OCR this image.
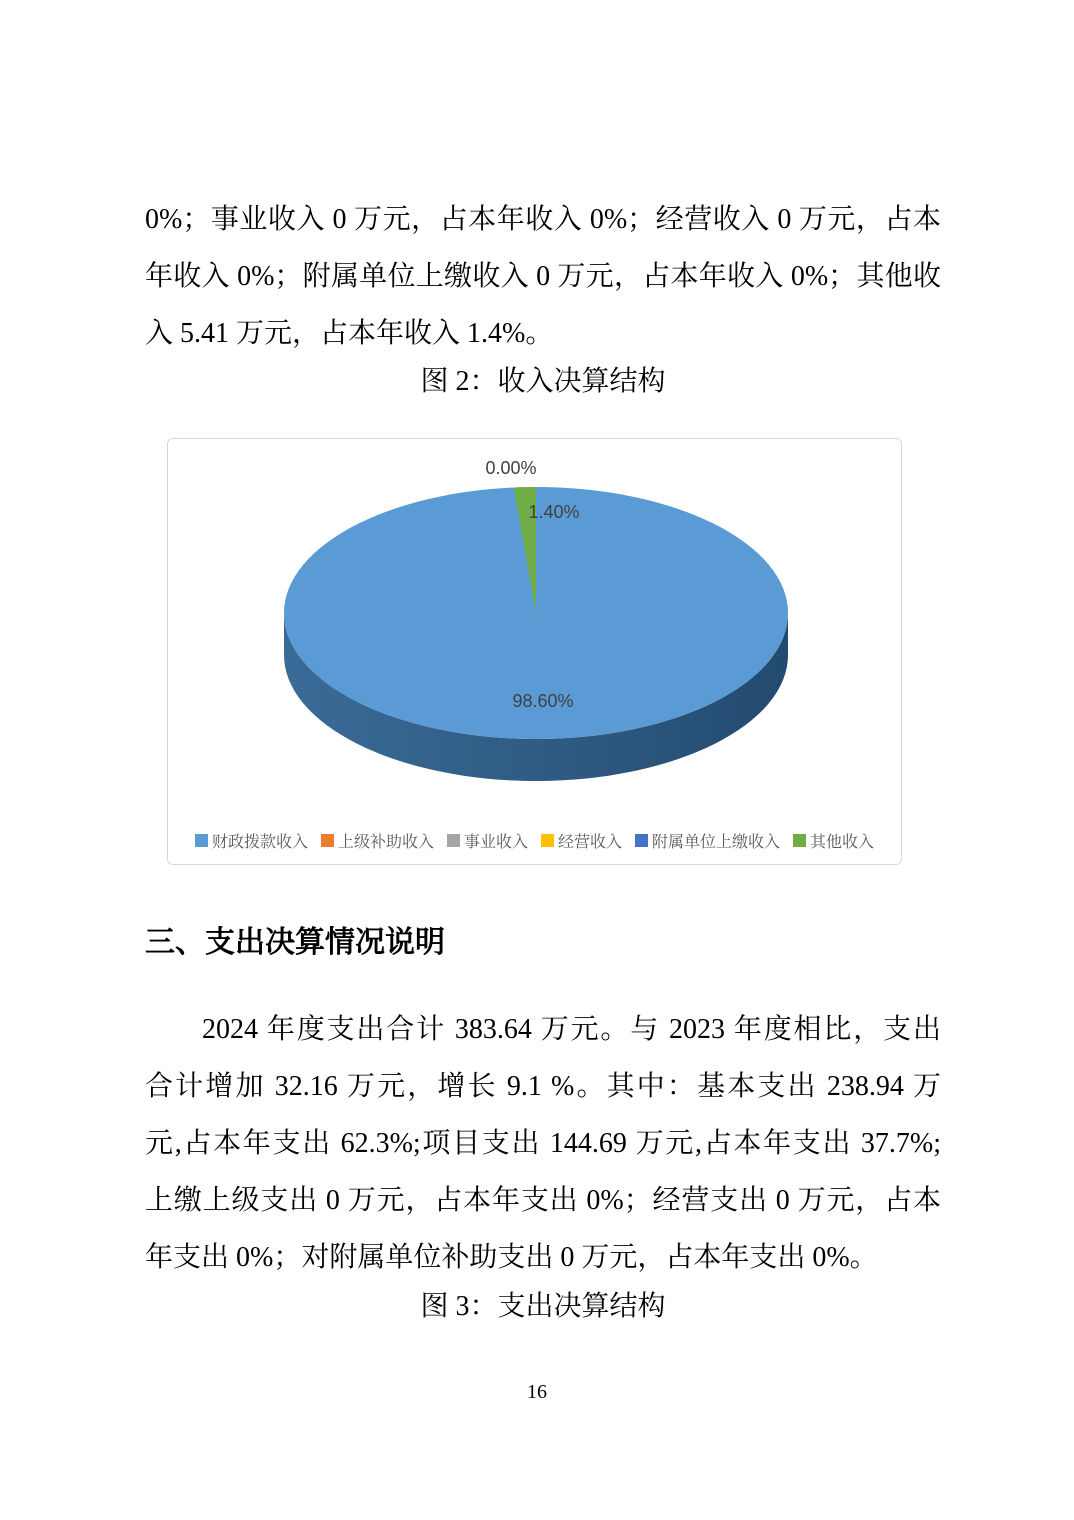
0%；事业收入 0 万元，占本年收入 0%；经营收入 0 万元，占本
年收入 0%；附属单位上缴收入 0 万元，占本年收入 0%；其他收
入 5.41 万元，占本年收入 1.4%。
图 2：收入决算结构
0.00%
1.40%
98.60%
财政拨款收入 上级补助收入 事业收入 经营收入 附属单位上缴收入 其他收入
三、支出决算情况说明
2024 年度支出合计 383.64 万元。与 2023 年度相比，支出
合计增加 32.16 万元，增长 9.1 %。其中：基本支出 238.94 万
元,占本年支出 62.3%;项目支出 144.69 万元,占本年支出 37.7%;
上缴上级支出 0 万元，占本年支出 0%；经营支出 0 万元，占本
年支出 0%；对附属单位补助支出 0 万元，占本年支出 0%。
图 3：支出决算结构
16
